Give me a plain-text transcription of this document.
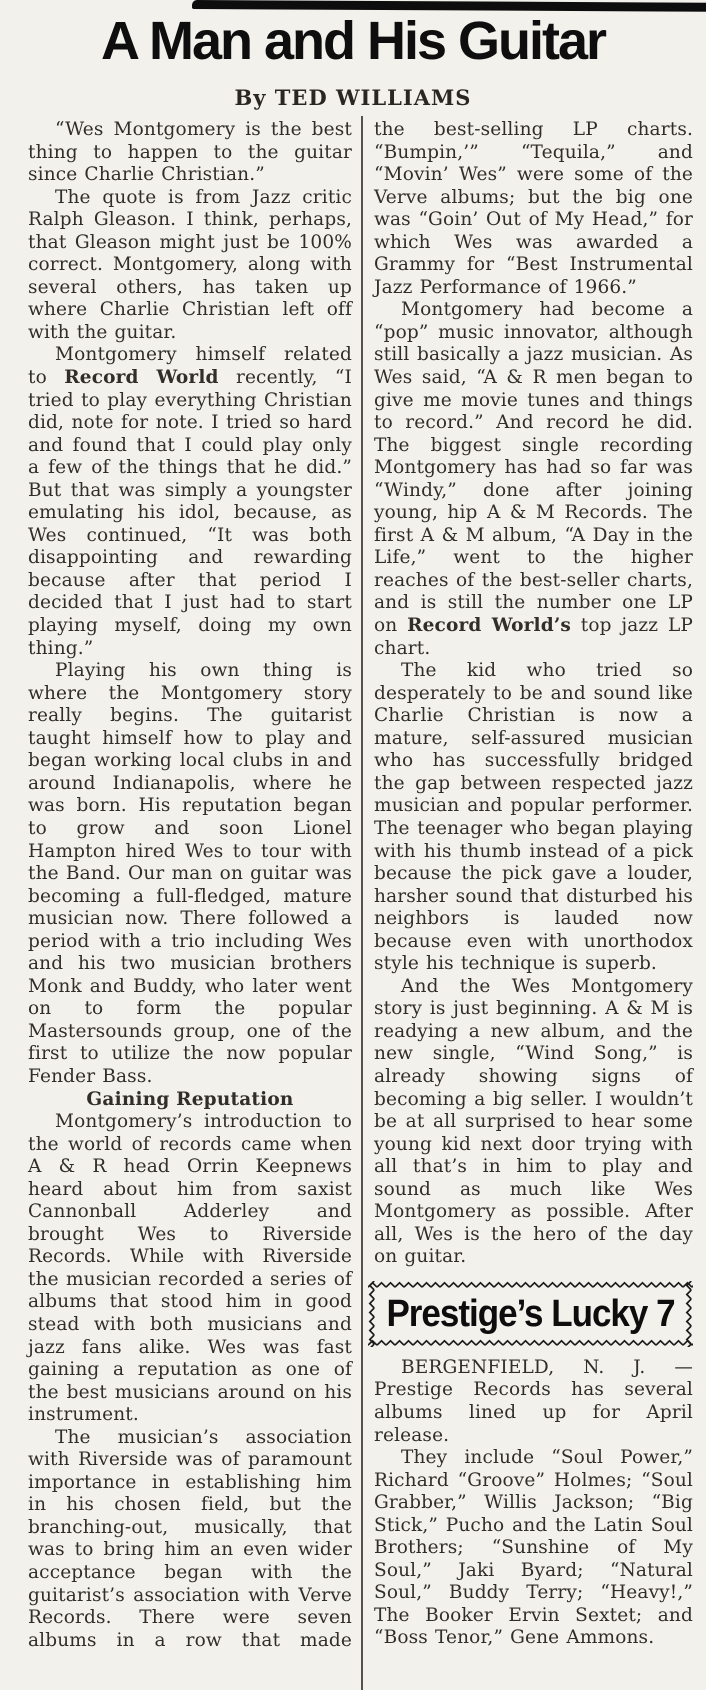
A Man and His Guitar
By TED WILLIAMS

“Wes Montgomery is the best thing to happen to the guitar since Charlie Christian.”

The quote is from Jazz critic Ralph Gleason. I think, perhaps, that Gleason might just be 100% correct. Montgomery, along with several others, has taken up where Charlie Christian left off with the guitar.

Montgomery himself related to Record World recently, “I tried to play everything Christian did, note for note. I tried so hard and found that I could play only a few of the things that he did.” But that was simply a youngster emulating his idol, because, as Wes continued, “It was both disappointing and rewarding because after that period I decided that I just had to start playing myself, doing my own thing.”

Playing his own thing is where the Montgomery story really begins. The guitarist taught himself how to play and began working local clubs in and around Indianapolis, where he was born. His reputation began to grow and soon Lionel Hampton hired Wes to tour with the Band. Our man on guitar was becoming a full-fledged, mature musician now. There followed a period with a trio including Wes and his two musician brothers Monk and Buddy, who later went on to form the popular Mastersounds group, one of the first to utilize the now popular Fender Bass.

Gaining Reputation

Montgomery’s introduction to the world of records came when A & R head Orrin Keepnews heard about him from saxist Cannonball Adderley and brought Wes to Riverside Records. While with Riverside the musician recorded a series of albums that stood him in good stead with both musicians and jazz fans alike. Wes was fast gaining a reputation as one of the best musicians around on his instrument.

The musician’s association with Riverside was of paramount importance in establishing him in his chosen field, but the branching-out, musically, that was to bring him an even wider acceptance began with the guitarist’s association with Verve Records. There were seven albums in a row that made

the best-selling LP charts. “Bumpin,’” “Tequila,” and “Movin’ Wes” were some of the Verve albums; but the big one was “Goin’ Out of My Head,” for which Wes was awarded a Grammy for “Best Instrumental Jazz Performance of 1966.”

Montgomery had become a “pop” music innovator, although still basically a jazz musician. As Wes said, “A & R men began to give me movie tunes and things to record.” And record he did. The biggest single recording Montgomery has had so far was “Windy,” done after joining young, hip A & M Records. The first A & M album, “A Day in the Life,” went to the higher reaches of the best-seller charts, and is still the number one LP on Record World’s top jazz LP chart.

The kid who tried so desperately to be and sound like Charlie Christian is now a mature, self-assured musician who has successfully bridged the gap between respected jazz musician and popular performer. The teenager who began playing with his thumb instead of a pick because the pick gave a louder, harsher sound that disturbed his neighbors is lauded now because even with unorthodox style his technique is superb.

And the Wes Montgomery story is just beginning. A & M is readying a new album, and the new single, “Wind Song,” is already showing signs of becoming a big seller. I wouldn’t be at all surprised to hear some young kid next door trying with all that’s in him to play and sound as much like Wes Montgomery as possible. After all, Wes is the hero of the day on guitar.

Prestige’s Lucky 7

BERGENFIELD, N. J. — Prestige Records has several albums lined up for April release.

They include “Soul Power,” Richard “Groove” Holmes; “Soul Grabber,” Willis Jackson; “Big Stick,” Pucho and the Latin Soul Brothers; “Sunshine of My Soul,” Jaki Byard; “Natural Soul,” Buddy Terry; “Heavy!,” The Booker Ervin Sextet; and “Boss Tenor,” Gene Ammons.
